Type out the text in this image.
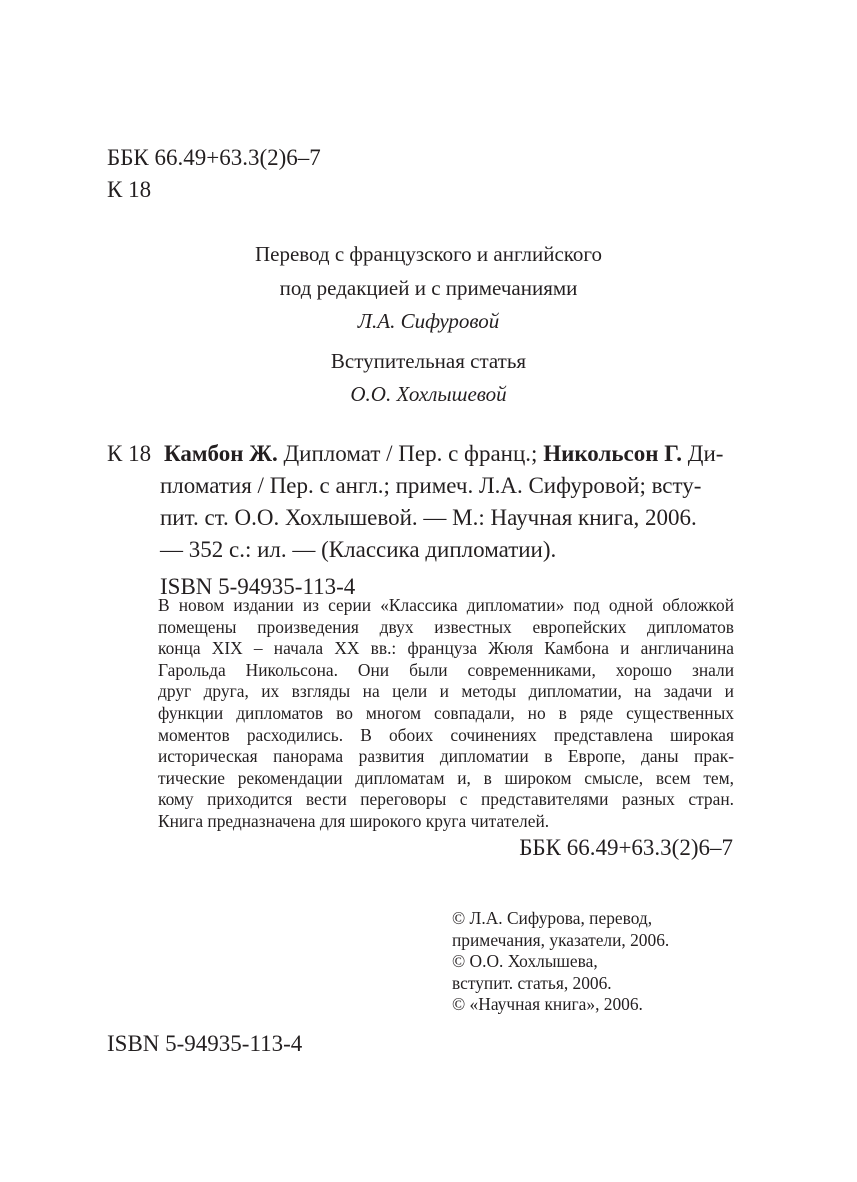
ББК 66.49+63.3(2)6–7
К 18
Перевод с французского и английского
под редакцией и с примечаниями
Л.А. Сифуровой
Вступительная статья
О.О. Хохлышевой
К 18 Камбон Ж. Дипломат / Пер. с франц.; Никольсон Г. Ди-
пломатия / Пер. с англ.; примеч. Л.А. Сифуровой; всту-
пит. ст. О.О. Хохлышевой. — М.: Научная книга, 2006.
— 352 с.: ил. — (Классика дипломатии).
ISBN 5-94935-113-4
В новом издании из серии «Классика дипломатии» под одной обложкой
помещены произведения двух известных европейских дипломатов
конца XIX – начала XX вв.: француза Жюля Камбона и англичанина
Гарольда Никольсона. Они были современниками, хорошо знали
друг друга, их взгляды на цели и методы дипломатии, на задачи и
функции дипломатов во многом совпадали, но в ряде существенных
моментов расходились. В обоих сочинениях представлена широкая
историческая панорама развития дипломатии в Европе, даны прак-
тические рекомендации дипломатам и, в широком смысле, всем тем,
кому приходится вести переговоры с представителями разных стран.
Книга предназначена для широкого круга читателей.
ББК 66.49+63.3(2)6–7
© Л.А. Сифурова, перевод,
примечания, указатели, 2006.
© О.О. Хохлышева,
вступит. статья, 2006.
© «Научная книга», 2006.
ISBN 5-94935-113-4
